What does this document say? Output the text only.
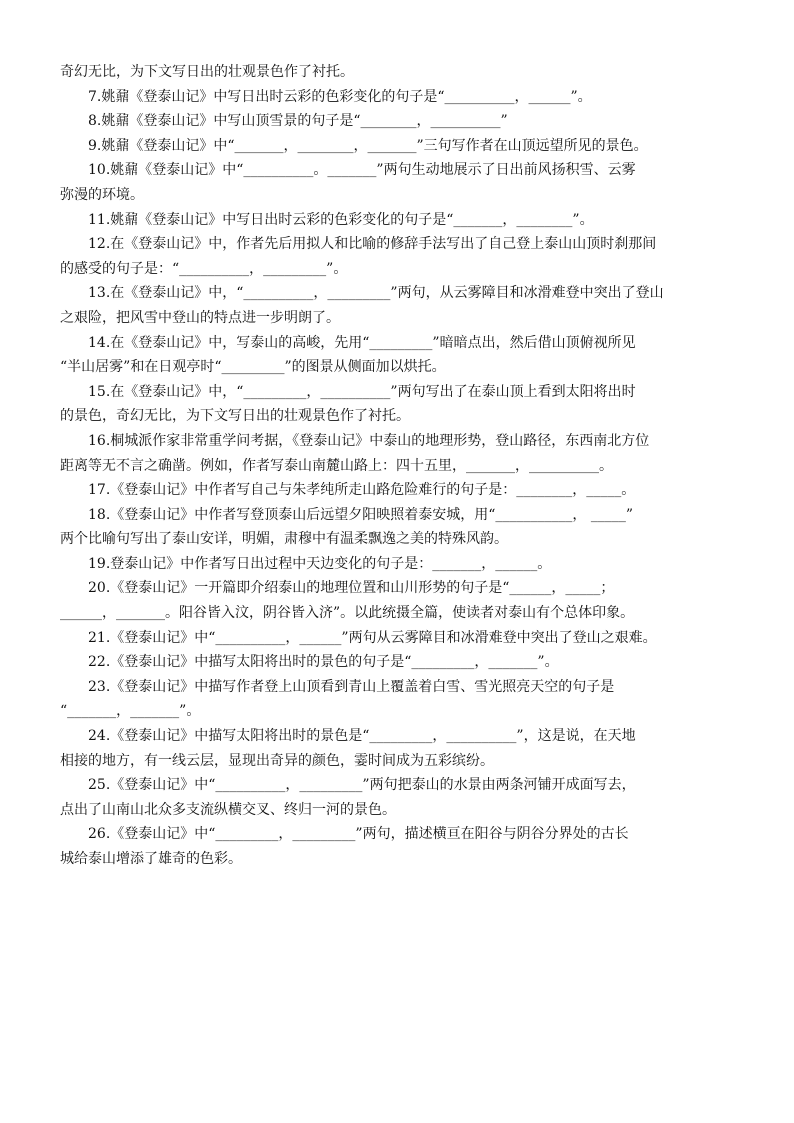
奇幻无比，为下文写日出的壮观景色作了衬托。
7.姚鼐《登泰山记》中写日出时云彩的色彩变化的句子是“__________，______”。
8.姚鼐《登泰山记》中写山顶雪景的句子是“________，__________”
9.姚鼐《登泰山记》中“_______，________，_______”三句写作者在山顶远望所见的景色。
10.姚鼐《登泰山记》中“__________。_______”两句生动地展示了日出前风扬积雪、云雾
弥漫的环境。
11.姚鼐《登泰山记》中写日出时云彩的色彩变化的句子是“_______，________”。
12.在《登泰山记》中，作者先后用拟人和比喻的修辞手法写出了自己登上泰山山顶时刹那间
的感受的句子是：“__________，_________”。
13.在《登泰山记》中，“__________，_________”两句，从云雾障目和冰滑难登中突出了登山
之艰险，把风雪中登山的特点进一步明朗了。
14.在《登泰山记》中，写泰山的高峻，先用“_________”暗暗点出，然后借山顶俯视所见
“半山居雾”和在日观亭时“_________”的图景从侧面加以烘托。
15.在《登泰山记》中，“_________，__________”两句写出了在泰山顶上看到太阳将出时
的景色，奇幻无比，为下文写日出的壮观景色作了衬托。
16.桐城派作家非常重学问考据，《登泰山记》中泰山的地理形势，登山路径，东西南北方位
距离等无不言之确凿。例如，作者写泰山南麓山路上：四十五里，_______，__________。
17.《登泰山记》中作者写自己与朱孝纯所走山路危险难行的句子是：________，_____。
18.《登泰山记》中作者写登顶泰山后远望夕阳映照着泰安城，用“___________， _____”
两个比喻句写出了泰山安详，明媚，肃穆中有温柔飘逸之美的特殊风韵。
19.登泰山记》中作者写日出过程中天边变化的句子是：_______，______。
20.《登泰山记》一开篇即介绍泰山的地理位置和山川形势的句子是“______，_____；
______，_______。阳谷皆入汶，阴谷皆入济”。以此统摄全篇，使读者对泰山有个总体印象。
21.《登泰山记》中“__________，______”两句从云雾障目和冰滑难登中突出了登山之艰难。
22.《登泰山记》中描写太阳将出时的景色的句子是“_________，_______”。
23.《登泰山记》中描写作者登上山顶看到青山上覆盖着白雪、雪光照亮天空的句子是
“_______，_______”。
24.《登泰山记》中描写太阳将出时的景色是“_________，__________”，这是说，在天地
相接的地方，有一线云层，显现出奇异的颜色，霎时间成为五彩缤纷。
25.《登泰山记》中“__________，_________”两句把泰山的水景由两条河铺开成面写去，
点出了山南山北众多支流纵横交叉、终归一河的景色。
26.《登泰山记》中“_________，_________”两句，描述横亘在阳谷与阴谷分界处的古长
城给泰山增添了雄奇的色彩。
